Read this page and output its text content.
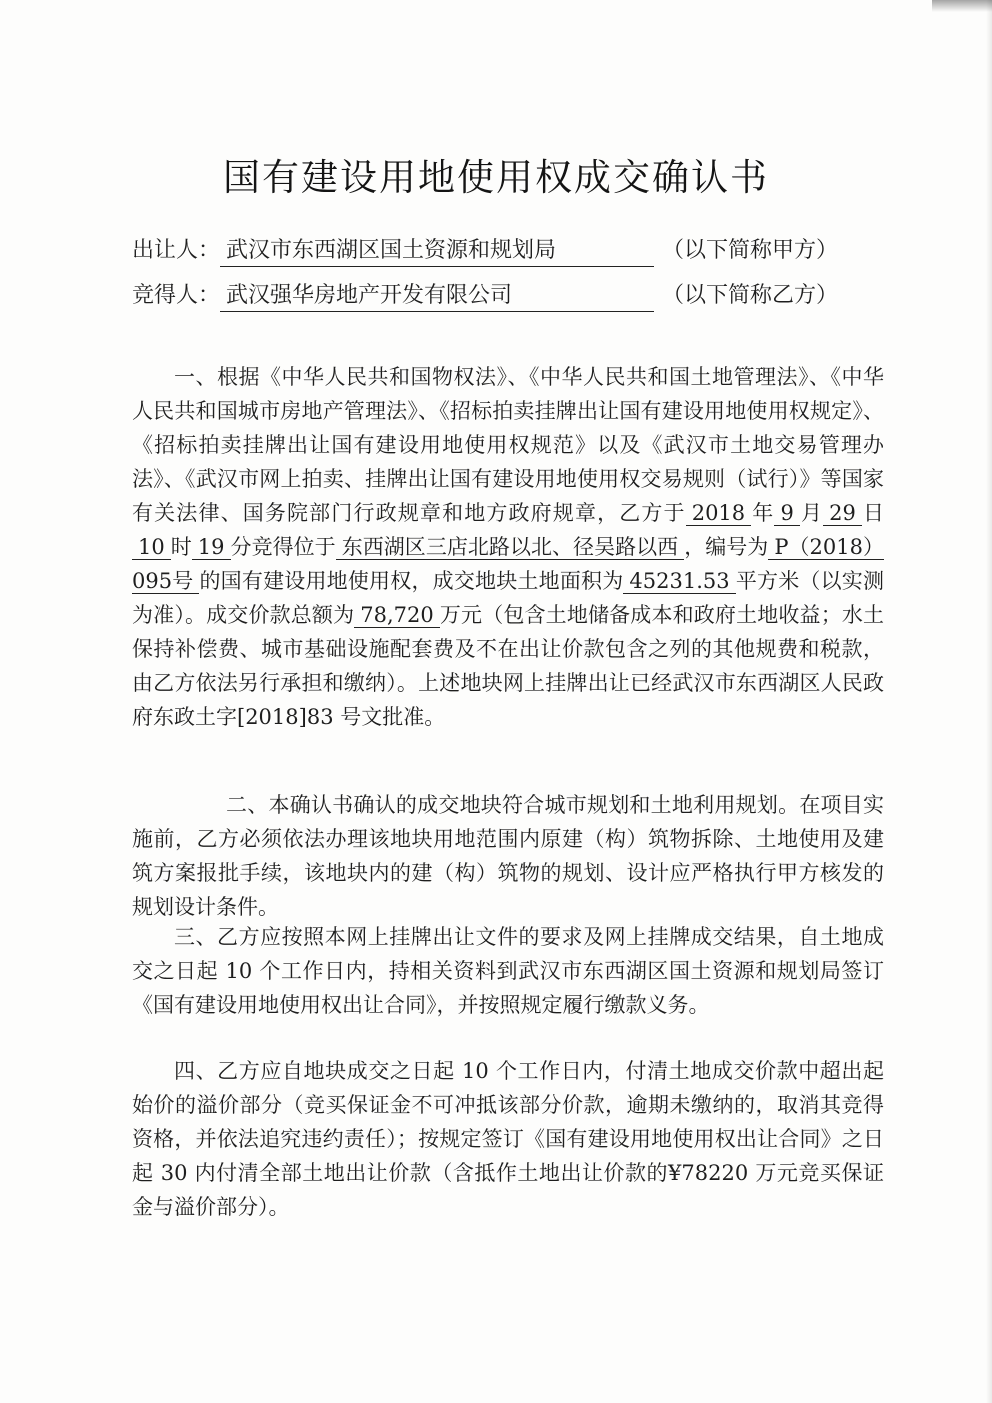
国有建设用地使用权成交确认书
出让人： 武汉市东西湖区国土资源和规划局	（以下简称甲方）
竞得人： 武汉强华房地产开发有限公司	（以下简称乙方）

一、根据《中华人民共和国物权法》、《中华人民共和国土地管理法》、《中华人民共和国城市房地产管理法》、《招标拍卖挂牌出让国有建设用地使用权规定》、《招标拍卖挂牌出让国有建设用地使用权规范》以及《武汉市土地交易管理办法》、《武汉市网上拍卖、挂牌出让国有建设用地使用权交易规则（试行）》等国家有关法律、国务院部门行政规章和地方政府规章，乙方于 2018 年 9 月 29 日10 时 19 分竞得位于 东西湖区三店北路以北、径吴路以西 ，编号为 P（2018）095号 的国有建设用地使用权，成交地块土地面积为 45231.53 平方米（以实测为准）。成交价款总额为 78,720 万元（包含土地储备成本和政府土地收益；水土保持补偿费、城市基础设施配套费及不在出让价款包含之列的其他规费和税款，由乙方依法另行承担和缴纳）。上述地块网上挂牌出让已经武汉市东西湖区人民政府东政土字[2018]83 号文批准。

二、本确认书确认的成交地块符合城市规划和土地利用规划。在项目实施前，乙方必须依法办理该地块用地范围内原建（构）筑物拆除、土地使用及建筑方案报批手续，该地块内的建（构）筑物的规划、设计应严格执行甲方核发的规划设计条件。

三、乙方应按照本网上挂牌出让文件的要求及网上挂牌成交结果，自土地成交之日起 10 个工作日内，持相关资料到武汉市东西湖区国土资源和规划局签订《国有建设用地使用权出让合同》，并按照规定履行缴款义务。

四、乙方应自地块成交之日起 10 个工作日内，付清土地成交价款中超出起始价的溢价部分（竞买保证金不可冲抵该部分价款，逾期未缴纳的，取消其竞得资格，并依法追究违约责任）；按规定签订《国有建设用地使用权出让合同》之日起 30 内付清全部土地出让价款（含抵作土地出让价款的¥78220 万元竞买保证金与溢价部分）。
